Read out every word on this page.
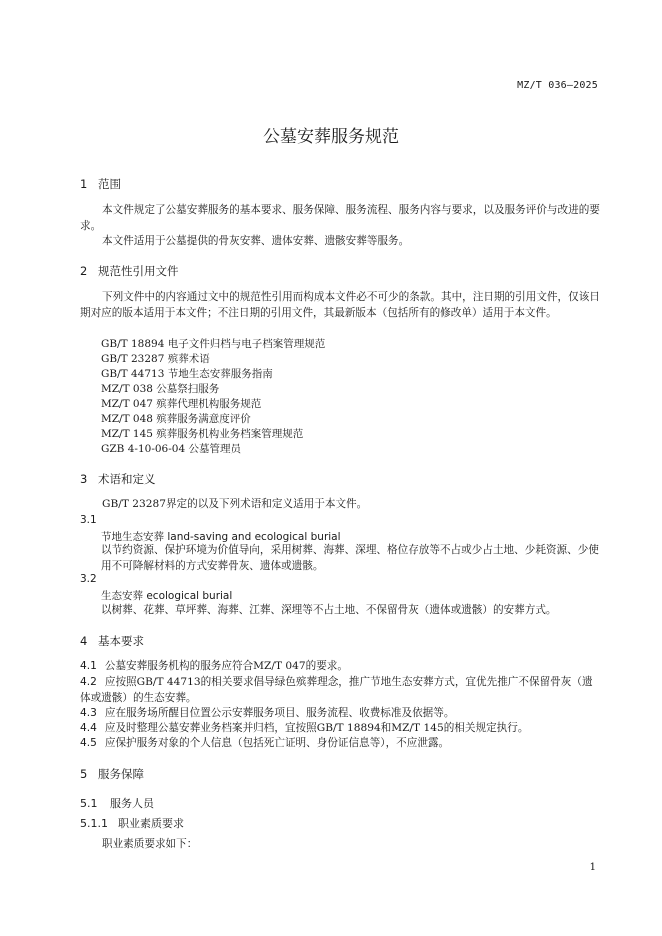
MZ/T 036—2025
公墓安葬服务规范
1 范围
本文件规定了公墓安葬服务的基本要求、服务保障、服务流程、服务内容与要求，以及服务评价与改进的要求。
本文件适用于公墓提供的骨灰安葬、遗体安葬、遗骸安葬等服务。
2 规范性引用文件
下列文件中的内容通过文中的规范性引用而构成本文件必不可少的条款。其中，注日期的引用文件，仅该日期对应的版本适用于本文件；不注日期的引用文件，其最新版本（包括所有的修改单）适用于本文件。
GB/T 18894 电子文件归档与电子档案管理规范
GB/T 23287 殡葬术语
GB/T 44713 节地生态安葬服务指南
MZ/T 038 公墓祭扫服务
MZ/T 047 殡葬代理机构服务规范
MZ/T 048 殡葬服务满意度评价
MZ/T 145 殡葬服务机构业务档案管理规范
GZB 4-10-06-04 公墓管理员
3 术语和定义
GB/T 23287界定的以及下列术语和定义适用于本文件。
3.1
节地生态安葬 land-saving and ecological burial
以节约资源、保护环境为价值导向，采用树葬、海葬、深埋、格位存放等不占或少占土地、少耗资源、少使用不可降解材料的方式安葬骨灰、遗体或遗骸。
3.2
生态安葬 ecological burial
以树葬、花葬、草坪葬、海葬、江葬、深埋等不占土地、不保留骨灰（遗体或遗骸）的安葬方式。
4 基本要求
4.1 公墓安葬服务机构的服务应符合MZ/T 047的要求。
4.2 应按照GB/T 44713的相关要求倡导绿色殡葬理念，推广节地生态安葬方式，宜优先推广不保留骨灰（遗体或遗骸）的生态安葬。
4.3 应在服务场所醒目位置公示安葬服务项目、服务流程、收费标准及依据等。
4.4 应及时整理公墓安葬业务档案并归档，宜按照GB/T 18894和MZ/T 145的相关规定执行。
4.5 应保护服务对象的个人信息（包括死亡证明、身份证信息等），不应泄露。
5 服务保障
5.1 服务人员
5.1.1 职业素质要求
职业素质要求如下：
1
